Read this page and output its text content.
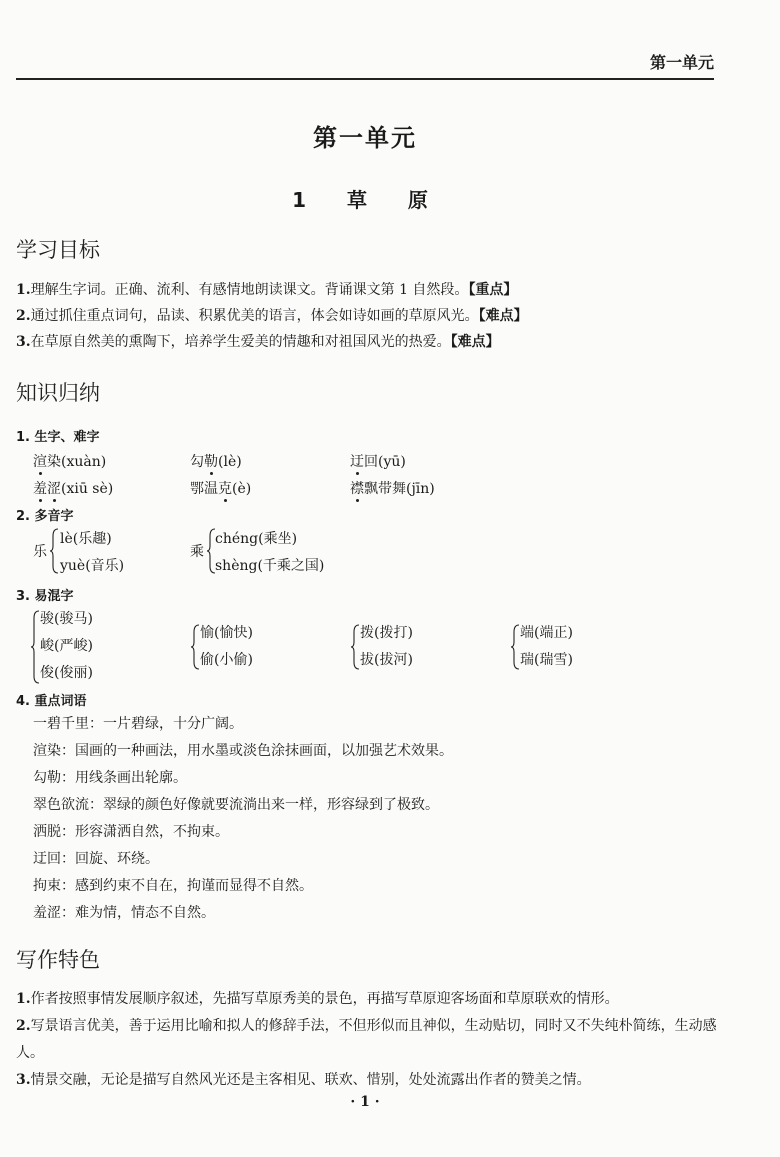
第一单元
第一单元
1 草 原
学习目标

1.理解生字词。正确、流利、有感情地朗读课文。背诵课文第 1 自然段。【重点】

2.通过抓住重点词句，品读、积累优美的语言，体会如诗如画的草原风光。【难点】

3.在草原自然美的熏陶下，培养学生爱美的情趣和对祖国风光的热爱。【难点】

知识归纳
1. 生字、难字
渲染(xuàn)	勾勒(lè)	迂回(yū)
羞涩(xiū sè)	鄂温克(è)	襟飘带舞(jīn)
2. 多音字
乐
lè(乐趣)
yuè(音乐)
乘
chéng(乘坐)
shèng(千乘之国)
3. 易混字
骏(骏马)
峻(严峻)
俊(俊丽)
愉(愉快)
偷(小偷)
拨(拨打)
拔(拔河)
端(端正)
瑞(瑞雪)
4. 重点词语

一碧千里：一片碧绿，十分广阔。

渲染：国画的一种画法，用水墨或淡色涂抹画面，以加强艺术效果。

勾勒：用线条画出轮廓。

翠色欲流：翠绿的颜色好像就要流淌出来一样，形容绿到了极致。

洒脱：形容潇洒自然，不拘束。

迂回：回旋、环绕。

拘束：感到约束不自在，拘谨而显得不自然。

羞涩：难为情，情态不自然。

写作特色

1.作者按照事情发展顺序叙述，先描写草原秀美的景色，再描写草原迎客场面和草原联欢的情形。

2.写景语言优美，善于运用比喻和拟人的修辞手法，不但形似而且神似，生动贴切，同时又不失纯朴简练，生动感人。

3.情景交融，无论是描写自然风光还是主客相见、联欢、惜别，处处流露出作者的赞美之情。

· 1 ·
